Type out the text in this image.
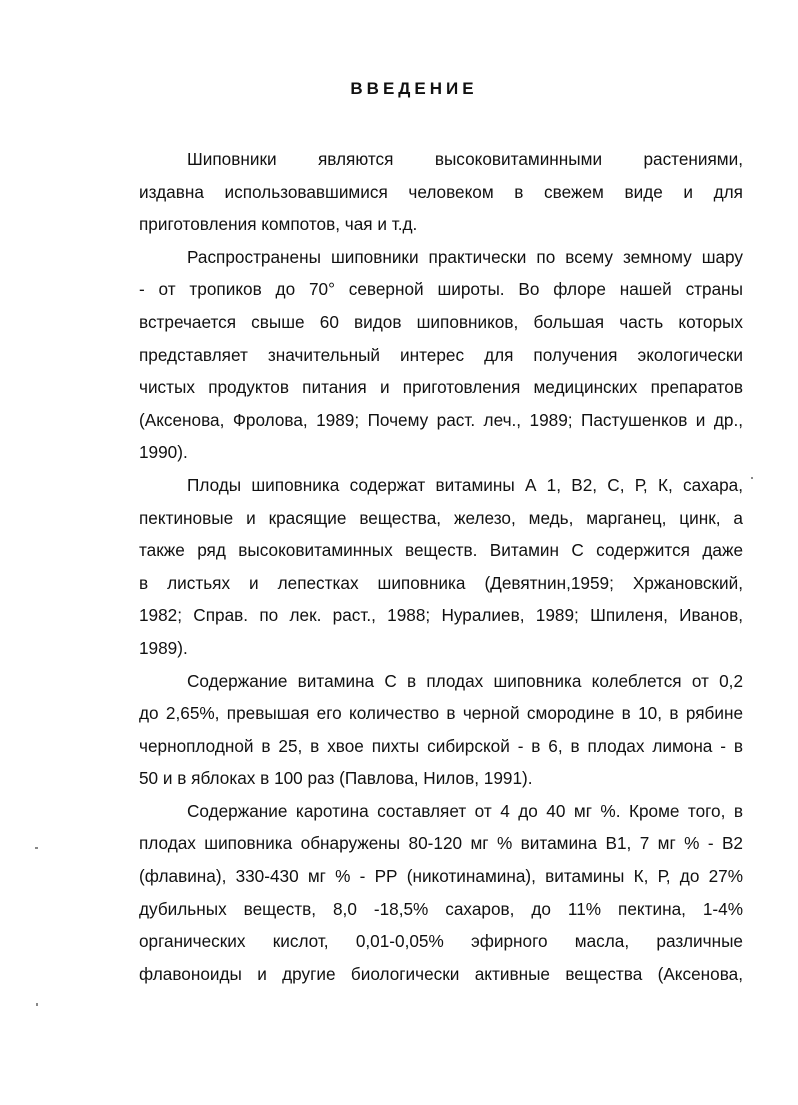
ВВЕДЕНИЕ
Шиповники являются высоковитаминными растениями,
издавна использовавшимися человеком в свежем виде и для
приготовления компотов, чая и т.д.
Распространены шиповники практически по всему земному шару
- от тропиков до 70° северной широты. Во флоре нашей страны
встречается свыше 60 видов шиповников, большая часть которых
представляет значительный интерес для получения экологически
чистых продуктов питания и приготовления медицинских препаратов
(Аксенова, Фролова, 1989; Почему раст. леч., 1989; Пастушенков и др.,
1990).
Плоды шиповника содержат витамины А 1, В2, С, Р, К, сахара,
пектиновые и красящие вещества, железо, медь, марганец, цинк, а
также ряд высоковитаминных веществ. Витамин С содержится даже
в листьях и лепестках шиповника (Девятнин,1959; Хржановский,
1982; Справ. по лек. раст., 1988; Нуралиев, 1989; Шпиленя, Иванов,
1989).
Содержание витамина С в плодах шиповника колеблется от 0,2
до 2,65%, превышая его количество в черной смородине в 10, в рябине
черноплодной в 25, в хвое пихты сибирской - в 6, в плодах лимона - в
50 и в яблоках в 100 раз (Павлова, Нилов, 1991).
Содержание каротина составляет от 4 до 40 мг %. Кроме того, в
плодах шиповника обнаружены 80-120 мг % витамина В1, 7 мг % - В2
(флавина), 330-430 мг % - РР (никотинамина), витамины К, Р, до 27%
дубильных веществ, 8,0 -18,5% сахаров, до 11% пектина, 1-4%
органических кислот, 0,01-0,05% эфирного масла, различные
флавоноиды и другие биологически активные вещества (Аксенова,
